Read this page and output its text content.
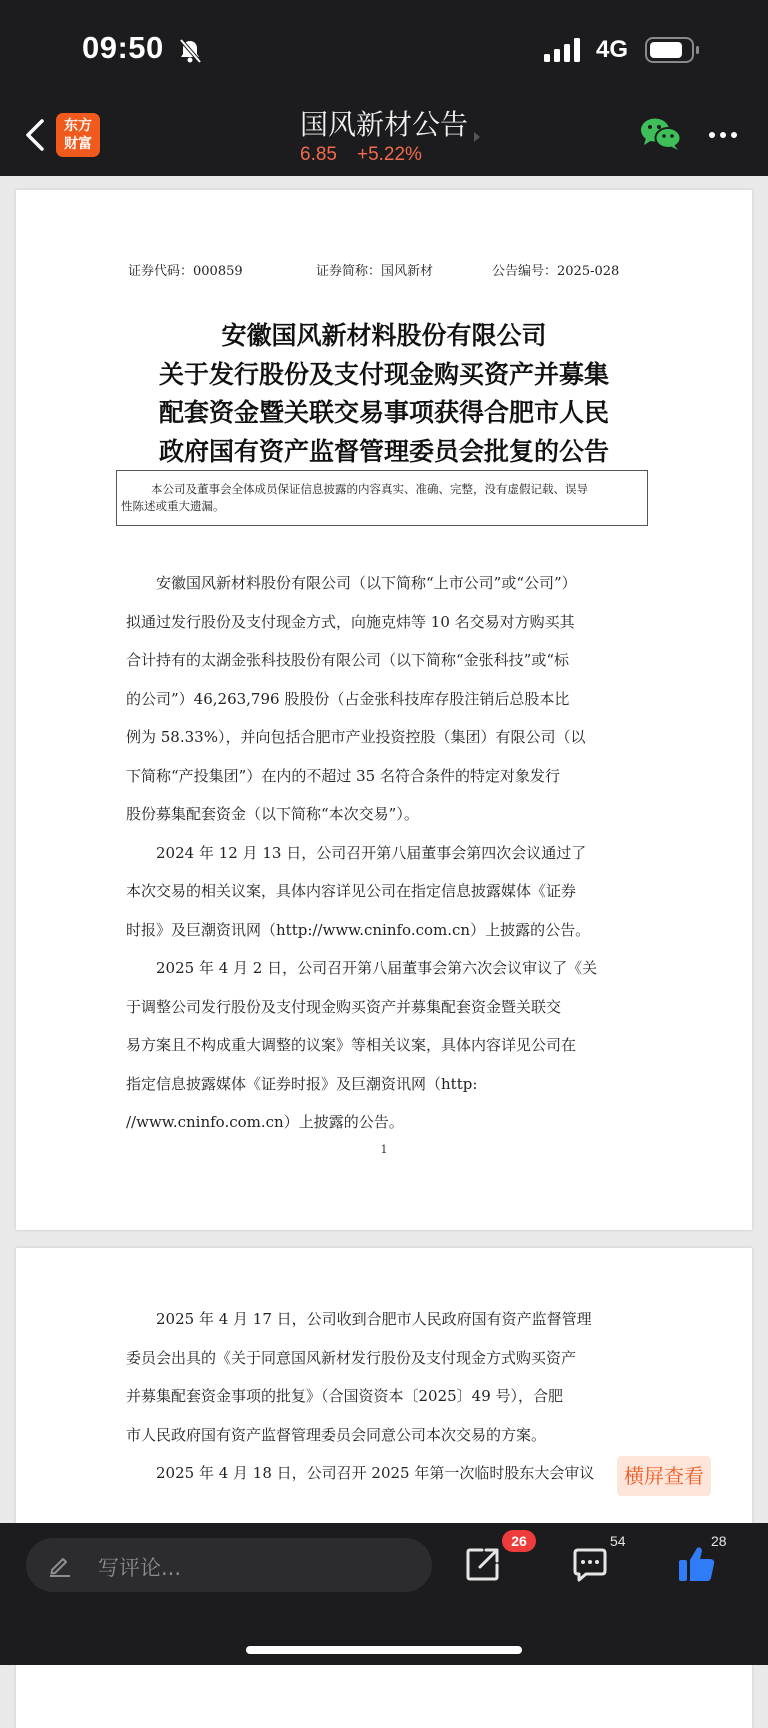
09:50	4G
东方
财富
国风新材公告
6.85 +5.22%
证券代码：000859	证券简称：国风新材	公告编号：2025-028
安徽国风新材料股份有限公司
关于发行股份及支付现金购买资产并募集
配套资金暨关联交易事项获得合肥市人民
政府国有资产监督管理委员会批复的公告
本公司及董事会全体成员保证信息披露的内容真实、准确、完整，没有虚假记载、误导
性陈述或重大遗漏。

　　安徽国风新材料股份有限公司（以下简称“上市公司”或“公司”）

拟通过发行股份及支付现金方式，向施克炜等 10 名交易对方购买其

合计持有的太湖金张科技股份有限公司（以下简称“金张科技”或“标

的公司”）46,263,796 股股份（占金张科技库存股注销后总股本比

例为 58.33%），并向包括合肥市产业投资控股（集团）有限公司（以

下简称“产投集团”）在内的不超过 35 名符合条件的特定对象发行

股份募集配套资金（以下简称“本次交易”）。

　　2024 年 12 月 13 日，公司召开第八届董事会第四次会议通过了

本次交易的相关议案，具体内容详见公司在指定信息披露媒体《证券

时报》及巨潮资讯网（http://www.cninfo.com.cn）上披露的公告。

　　2025 年 4 月 2 日，公司召开第八届董事会第六次会议审议了《关

于调整公司发行股份及支付现金购买资产并募集配套资金暨关联交

易方案且不构成重大调整的议案》等相关议案，具体内容详见公司在

指定信息披露媒体《证券时报》及巨潮资讯网（http:

//www.cninfo.com.cn）上披露的公告。

1

　　2025 年 4 月 17 日，公司收到合肥市人民政府国有资产监督管理

委员会出具的《关于同意国风新材发行股份及支付现金方式购买资产

并募集配套资金事项的批复》（合国资资本〔2025〕49 号），合肥

市人民政府国有资产监督管理委员会同意公司本次交易的方案。

　　2025 年 4 月 18 日，公司召开 2025 年第一次临时股东大会审议	横屏查看
写评论...
26	54	28
